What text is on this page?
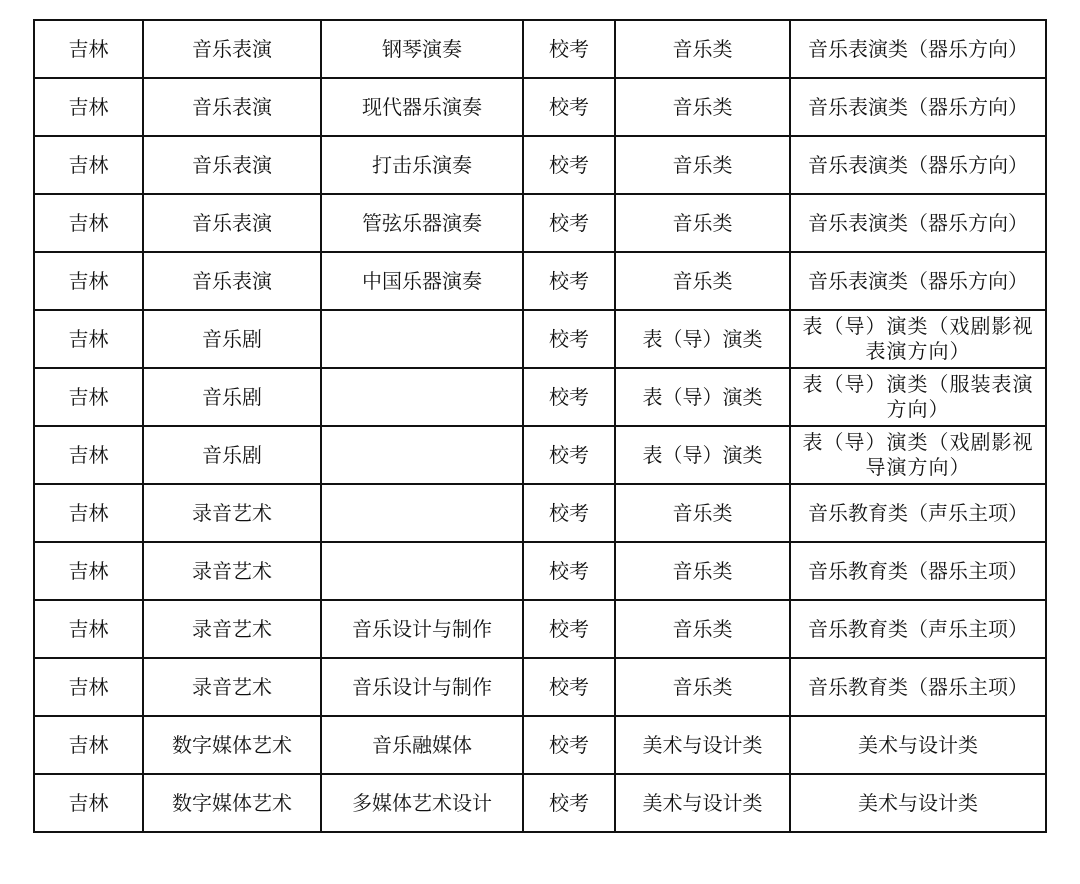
吉林	音乐表演	钢琴演奏	校考	音乐类	音乐表演类（器乐方向）
吉林	音乐表演	现代器乐演奏	校考	音乐类	音乐表演类（器乐方向）
吉林	音乐表演	打击乐演奏	校考	音乐类	音乐表演类（器乐方向）
吉林	音乐表演	管弦乐器演奏	校考	音乐类	音乐表演类（器乐方向）
吉林	音乐表演	中国乐器演奏	校考	音乐类	音乐表演类（器乐方向）
吉林	音乐剧		校考	表（导）演类	表（导）演类（戏剧影视表演方向）
吉林	音乐剧		校考	表（导）演类	表（导）演类（服装表演方向）
吉林	音乐剧		校考	表（导）演类	表（导）演类（戏剧影视导演方向）
吉林	录音艺术		校考	音乐类	音乐教育类（声乐主项）
吉林	录音艺术		校考	音乐类	音乐教育类（器乐主项）
吉林	录音艺术	音乐设计与制作	校考	音乐类	音乐教育类（声乐主项）
吉林	录音艺术	音乐设计与制作	校考	音乐类	音乐教育类（器乐主项）
吉林	数字媒体艺术	音乐融媒体	校考	美术与设计类	美术与设计类
吉林	数字媒体艺术	多媒体艺术设计	校考	美术与设计类	美术与设计类
